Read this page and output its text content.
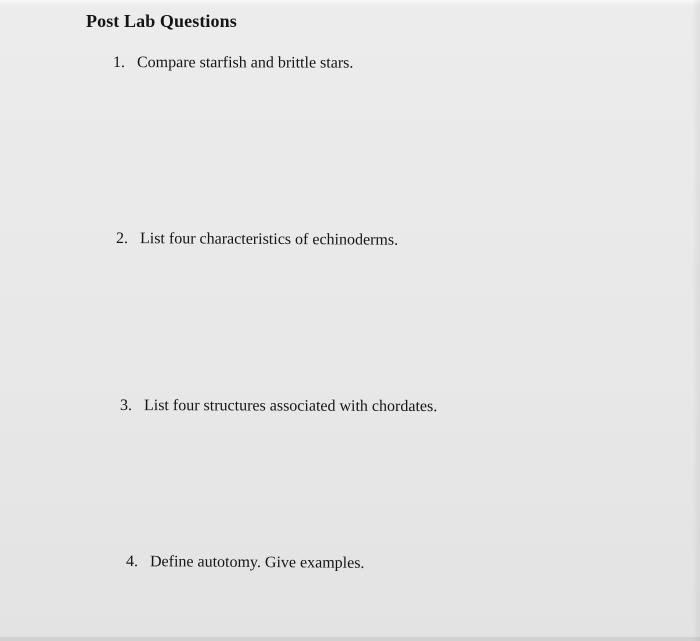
Post Lab Questions
1. Compare starfish and brittle stars.
2. List four characteristics of echinoderms.
3. List four structures associated with chordates.
4. Define autotomy. Give examples.
